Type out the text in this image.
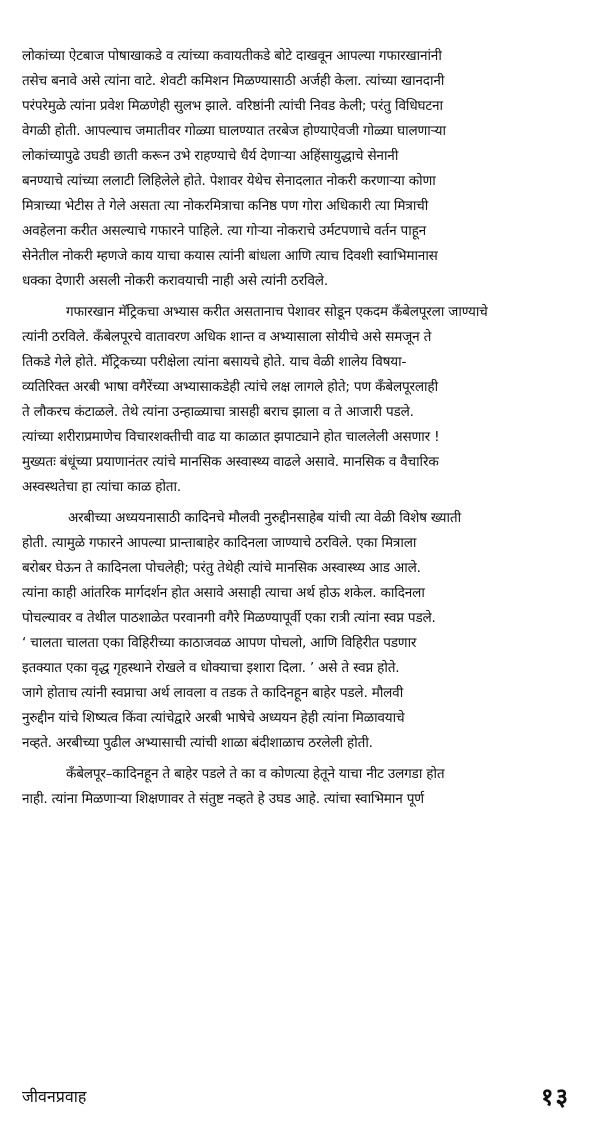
लोकांच्या ऐटबाज पोषाखाकडे व त्यांच्या कवायतीकडे बोटे दाखवून आपल्या गफारखानांनी

तसेच बनावे असे त्यांना वाटे. शेवटी कमिशन मिळण्यासाठी अर्जही केला. त्यांच्या खानदानी

परंपरेमुळे त्यांना प्रवेश मिळणेही सुलभ झाले. वरिष्ठांनी त्यांची निवड केली; परंतु विधिघटना

वेगळी होती. आपल्याच जमातीवर गोळ्या घालण्यात तरबेज होण्याऐवजी गोळ्या घालणाऱ्या

लोकांच्यापुढे उघडी छाती करून उभे राहण्याचे धैर्य देणाऱ्या अहिंसायुद्धाचे सेनानी

बनण्याचे त्यांच्या ललाटी लिहिलेले होते. पेशावर येथेच सेनादलात नोकरी करणाऱ्या कोणा

मित्राच्या भेटीस ते गेले असता त्या नोकरमित्राचा कनिष्ठ पण गोरा अधिकारी त्या मित्राची

अवहेलना करीत असल्याचे गफारने पाहिले. त्या गोऱ्या नोकराचे उर्मटपणाचे वर्तन पाहून

सेनेतील नोकरी म्हणजे काय याचा कयास त्यांनी बांधला आणि त्याच दिवशी स्वाभिमानास

धक्का देणारी असली नोकरी करावयाची नाही असे त्यांनी ठरविले.

गफारखान मॅट्रिकचा अभ्यास करीत असतानाच पेशावर सोडून एकदम कॅंबेलपूरला जाण्याचे

त्यांनी ठरविले. कॅंबेलपूरचे वातावरण अधिक शान्त व अभ्यासाला सोयीचे असे समजून ते

तिकडे गेले होते. मॅट्रिकच्या परीक्षेला त्यांना बसायचे होते. याच वेळी शालेय विषया-

व्यतिरिक्त अरबी भाषा वगैरेंच्या अभ्यासाकडेही त्यांचे लक्ष लागले होते; पण कॅंबेलपूरलाही

ते लौकरच कंटाळले. तेथे त्यांना उन्हाळ्याचा त्रासही बराच झाला व ते आजारी पडले.

त्यांच्या शरीराप्रमाणेच विचारशक्तीची वाढ या काळात झपाट्याने होत चाललेली असणार !

मुख्यतः बंधूंच्या प्रयाणानंतर त्यांचे मानसिक अस्वास्थ्य वाढले असावे. मानसिक व वैचारिक

अस्वस्थतेचा हा त्यांचा काळ होता.

अरबीच्या अध्ययनासाठी कादिनचे मौलवी नुरुद्दीनसाहेब यांची त्या वेळी विशेष ख्याती

होती. त्यामुळे गफारने आपल्या प्रान्ताबाहेर कादिनला जाण्याचे ठरविले. एका मित्राला

बरोबर घेऊन ते कादिनला पोचलेही; परंतु तेथेही त्यांचे मानसिक अस्वास्थ्य आड आले.

त्यांना काही आंतरिक मार्गदर्शन होत असावे असाही त्याचा अर्थ होऊ शकेल. कादिनला

पोचल्यावर व तेथील पाठशाळेत परवानगी वगैरे मिळण्यापूर्वी एका रात्री त्यांना स्वप्न पडले.

‘ चालता चालता एका विहिरीच्या काठाजवळ आपण पोचलो, आणि विहिरीत पडणार

इतक्यात एका वृद्ध गृहस्थाने रोखले व धोक्याचा इशारा दिला. ’ असे ते स्वप्न होते.

जागे होताच त्यांनी स्वप्नाचा अर्थ लावला व तडक ते कादिनहून बाहेर पडले. मौलवी

नुरुद्दीन यांचे शिष्यत्व किंवा त्यांचेद्वारे अरबी भाषेचे अध्ययन हेही त्यांना मिळावयाचे

नव्हते. अरबीच्या पुढील अभ्यासाची त्यांची शाळा बंदीशाळाच ठरलेली होती.

कॅंबेलपूर–कादिनहून ते बाहेर पडले ते का व कोणत्या हेतूने याचा नीट उलगडा होत

नाही. त्यांना मिळणाऱ्या शिक्षणावर ते संतुष्ट नव्हते हे उघड आहे. त्यांचा स्वाभिमान पूर्ण

जीवनप्रवाह	१३
